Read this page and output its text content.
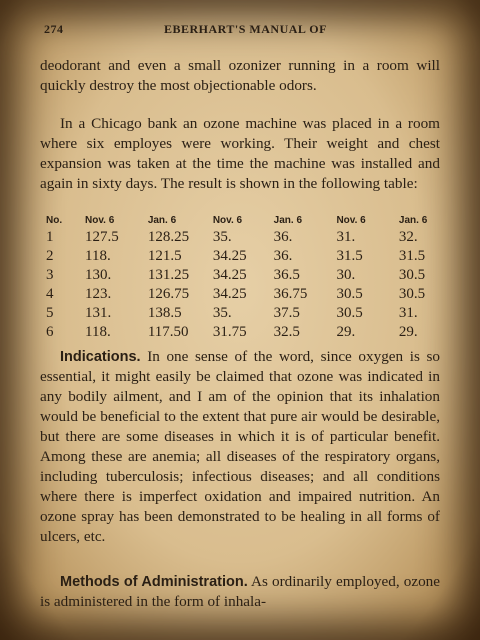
274	EBERHART'S MANUAL OF
deodorant and even a small ozonizer running in a room will quickly destroy the most objectionable odors.
In a Chicago bank an ozone machine was placed in a room where six employes were working. Their weight and chest expansion was taken at the time the machine was installed and again in sixty days. The result is shown in the following table:
No.	Nov. 6	Jan. 6	Nov. 6	Jan. 6	Nov. 6	Jan. 6
1	127.5	128.25	35.	36.	31.	32.
2	118.	121.5	34.25	36.	31.5	31.5
3	130.	131.25	34.25	36.5	30.	30.5
4	123.	126.75	34.25	36.75	30.5	30.5
5	131.	138.5	35.	37.5	30.5	31.
6	118.	117.50	31.75	32.5	29.	29.
Indications. In one sense of the word, since oxygen is so essential, it might easily be claimed that ozone was indicated in any bodily ailment, and I am of the opinion that its inhalation would be beneficial to the extent that pure air would be desirable, but there are some diseases in which it is of particular benefit. Among these are anemia; all diseases of the respiratory organs, including tuberculosis; infectious diseases; and all conditions where there is imperfect oxidation and impaired nutrition. An ozone spray has been demonstrated to be healing in all forms of ulcers, etc.
Methods of Administration. As ordinarily employed, ozone is administered in the form of inhala-
